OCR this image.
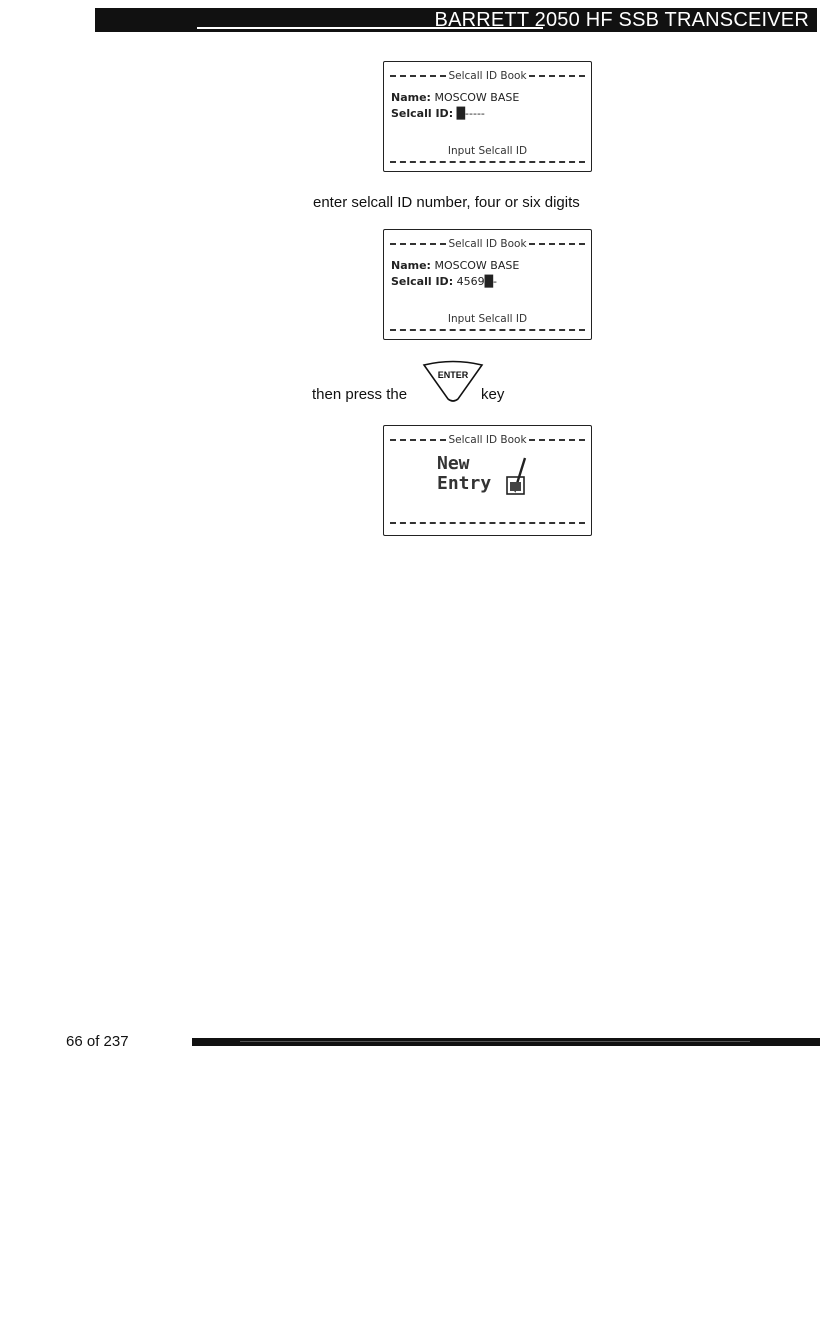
BARRETT 2050 HF SSB TRANSCEIVER
Selcall ID Book
Name: MOSCOW BASE
Selcall ID: █-----
Input Selcall ID
enter selcall ID number, four or six digits
Selcall ID Book
Name: MOSCOW BASE
Selcall ID: 4569█-
Input Selcall ID
then press the
ENTER
key
Selcall ID Book
New
Entry
66 of 237
